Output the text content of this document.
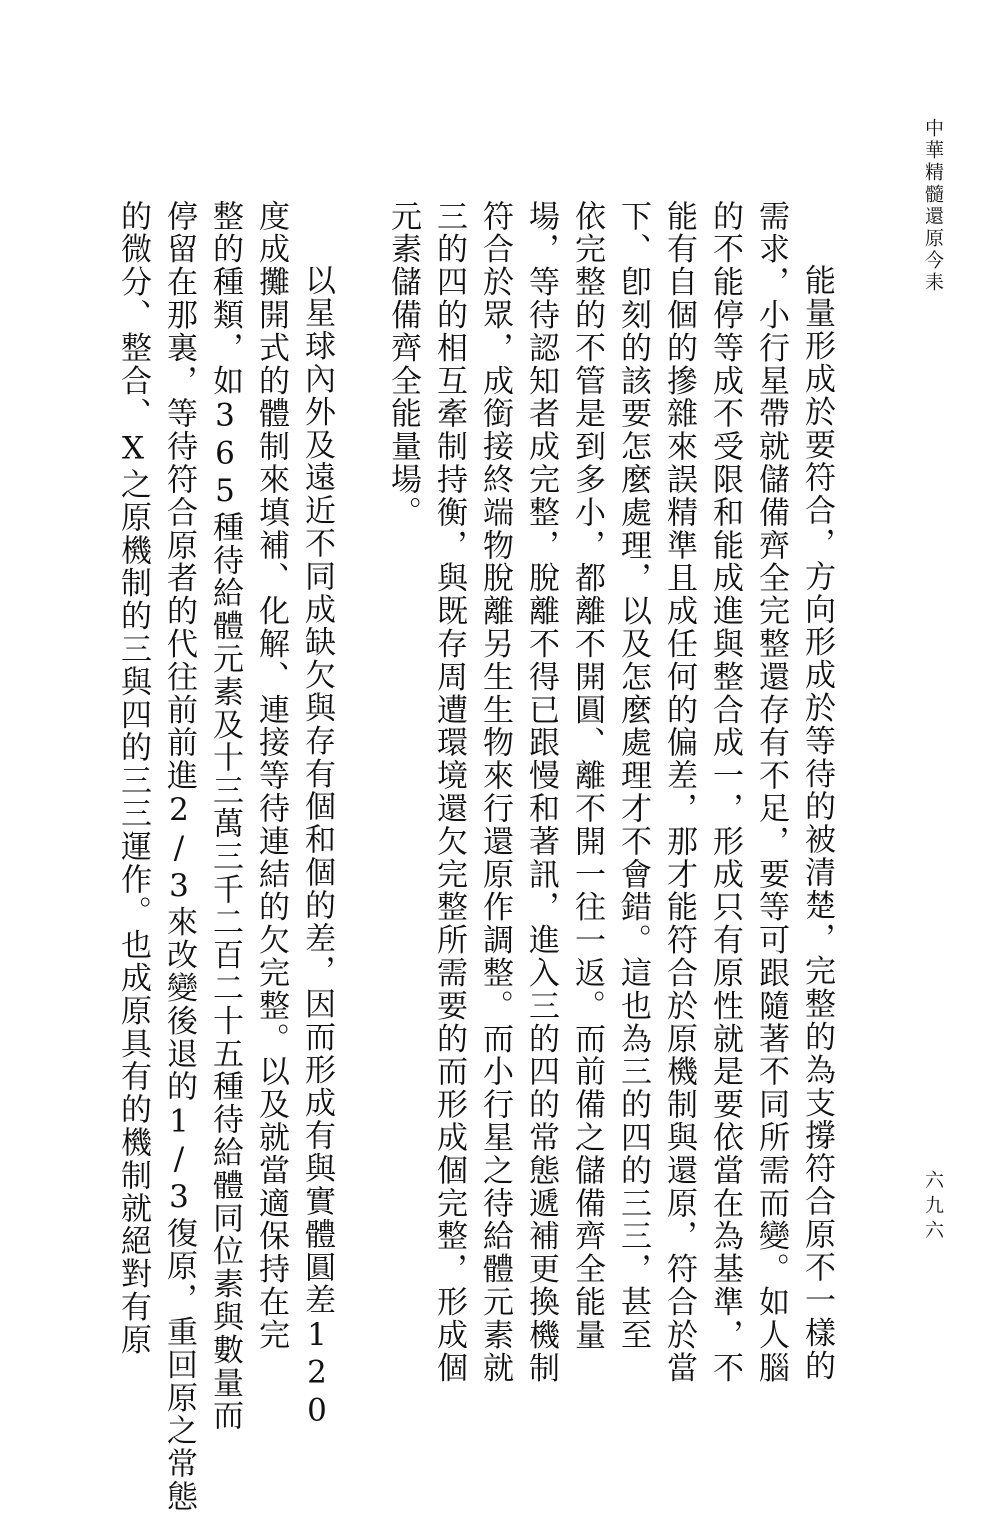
中華精髓還原今耒
六九六
能量形成於要符合，方向形成於等待的被清楚，完整的為支撐符合原不一樣的
需求，小行星帶就儲備齊全完整還存有不足，要等可跟隨著不同所需而變。如人腦
的不能停等成不受限和能成進與整合成一，形成只有原性就是要依當在為基準，不
能有自個的摻雜來誤精準且成任何的偏差，那才能符合於原機制與還原，符合於當
下、卽刻的該要怎麼處理，以及怎麼處理才不會錯。這也為三的四的三三，甚至
依完整的不管是到多小，都離不開圓、離不開一往一返。而前備之儲備齊全能量
場，等待認知者成完整，脫離不得已跟慢和著訊，進入三的四的常態遞補更換機制
符合於眾，成銜接終端物脫離另生生物來行還原作調整。而小行星之待給體元素就
三的四的相互牽制持衡，與既存周遭環境還欠完整所需要的而形成個完整，形成個
元素儲備齊全能量場。
以星球內外及遠近不同成缺欠與存有個和個的差，因而形成有與實體圓差120
度成攤開式的體制來填補、化解、連接等待連結的欠完整。以及就當適保持在完
整的種類，如365種待給體元素及十三萬三千二百二十五種待給體同位素與數量而
停留在那裏，等待符合原者的代往前前進2/3來改變後退的1/3復原，重回原之常態
的微分、整合、X之原機制的三與四的三三運作。也成原具有的機制就絕對有原
